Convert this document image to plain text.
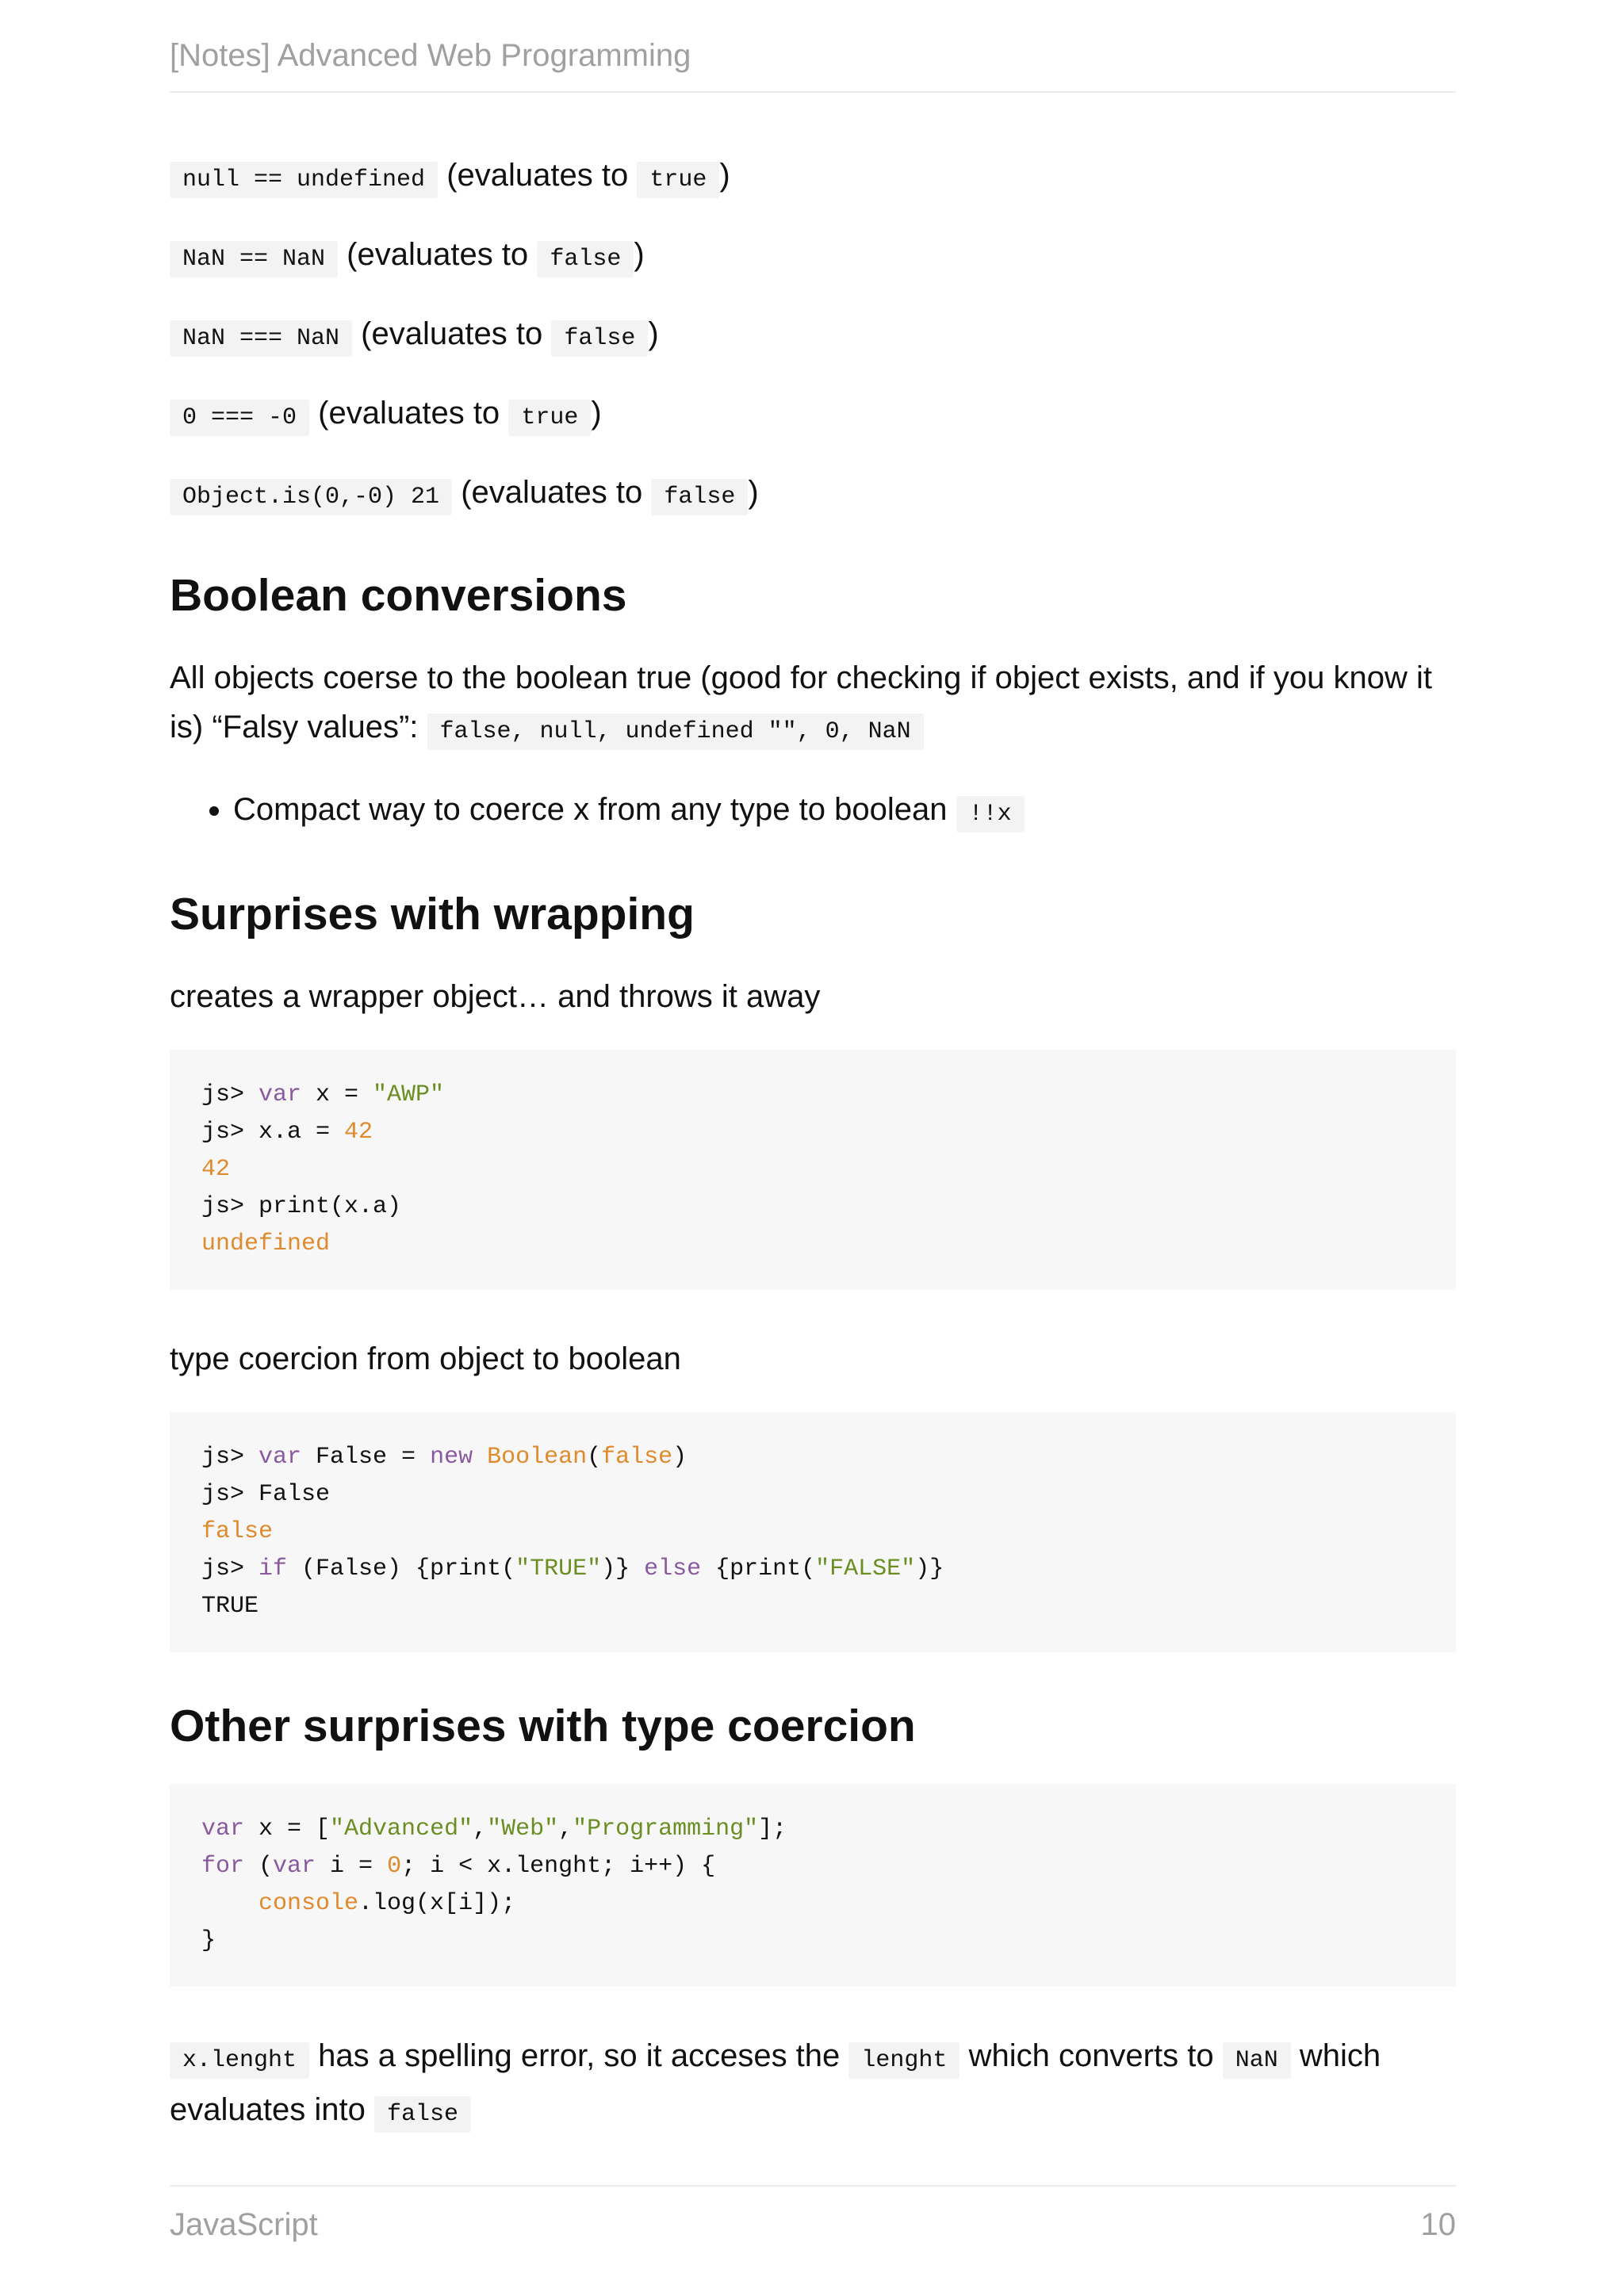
[Notes] Advanced Web Programming
null == undefined (evaluates to true )
NaN == NaN (evaluates to false )
NaN === NaN (evaluates to false )
0 === -0 (evaluates to true )
Object.is(0,-0) 21 (evaluates to false )
Boolean conversions

All objects coerse to the boolean true (good for checking if object exists, and if you know it is) “Falsy values”: false, null, undefined "", 0, NaN

• Compact way to coerce x from any type to boolean !!x
Surprises with wrapping

creates a wrapper object… and throws it away

js> var x = "AWP"
js> x.a = 42
42
js> print(x.a)
undefined

type coercion from object to boolean

js> var False = new Boolean(false)
js> False
false
js> if (False) {print("TRUE")} else {print("FALSE")}
TRUE
Other surprises with type coercion
var x = ["Advanced","Web","Programming"];
for (var i = 0; i < x.lenght; i++) {
console.log(x[i]);
}

x.lenght has a spelling error, so it acceses the lenght which converts to NaN which evaluates into false

JavaScript	10
